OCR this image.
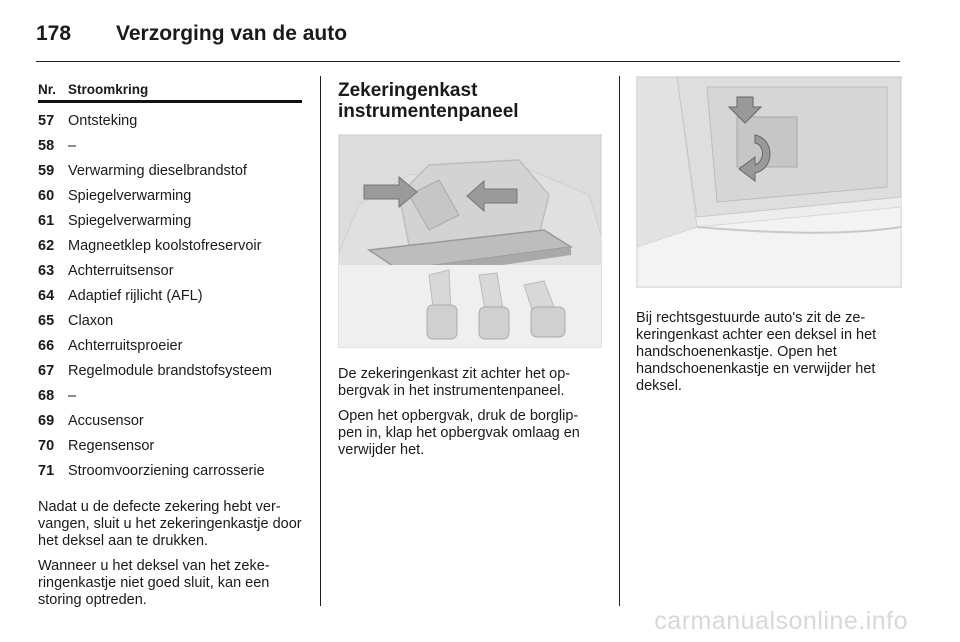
178	Verzorging van de auto
Nr. Stroomkring
57 Ontsteking
58 –
59 Verwarming dieselbrandstof
60 Spiegelverwarming
61 Spiegelverwarming
62 Magneetklep koolstofreservoir
63 Achterruitsensor
64 Adaptief rijlicht (AFL)
65 Claxon
66 Achterruitsproeier
67 Regelmodule brandstofsysteem
68 –
69 Accusensor
70 Regensensor
71 Stroomvoorziening carrosserie

Nadat u de defecte zekering hebt ver-vangen, sluit u het zekeringenkastje door het deksel aan te drukken.

Wanneer u het deksel van het zeke-ringenkastje niet goed sluit, kan een storing optreden.

Zekeringenkast
instrumentenpaneel

De zekeringenkast zit achter het op-bergvak in het instrumentenpaneel.

Open het opbergvak, druk de borglip-pen in, klap het opbergvak omlaag en verwijder het.

Bij rechtsgestuurde auto's zit de ze-keringenkast achter een deksel in het handschoenenkastje. Open het handschoenenkastje en verwijder het deksel.

carmanualsonline.info
